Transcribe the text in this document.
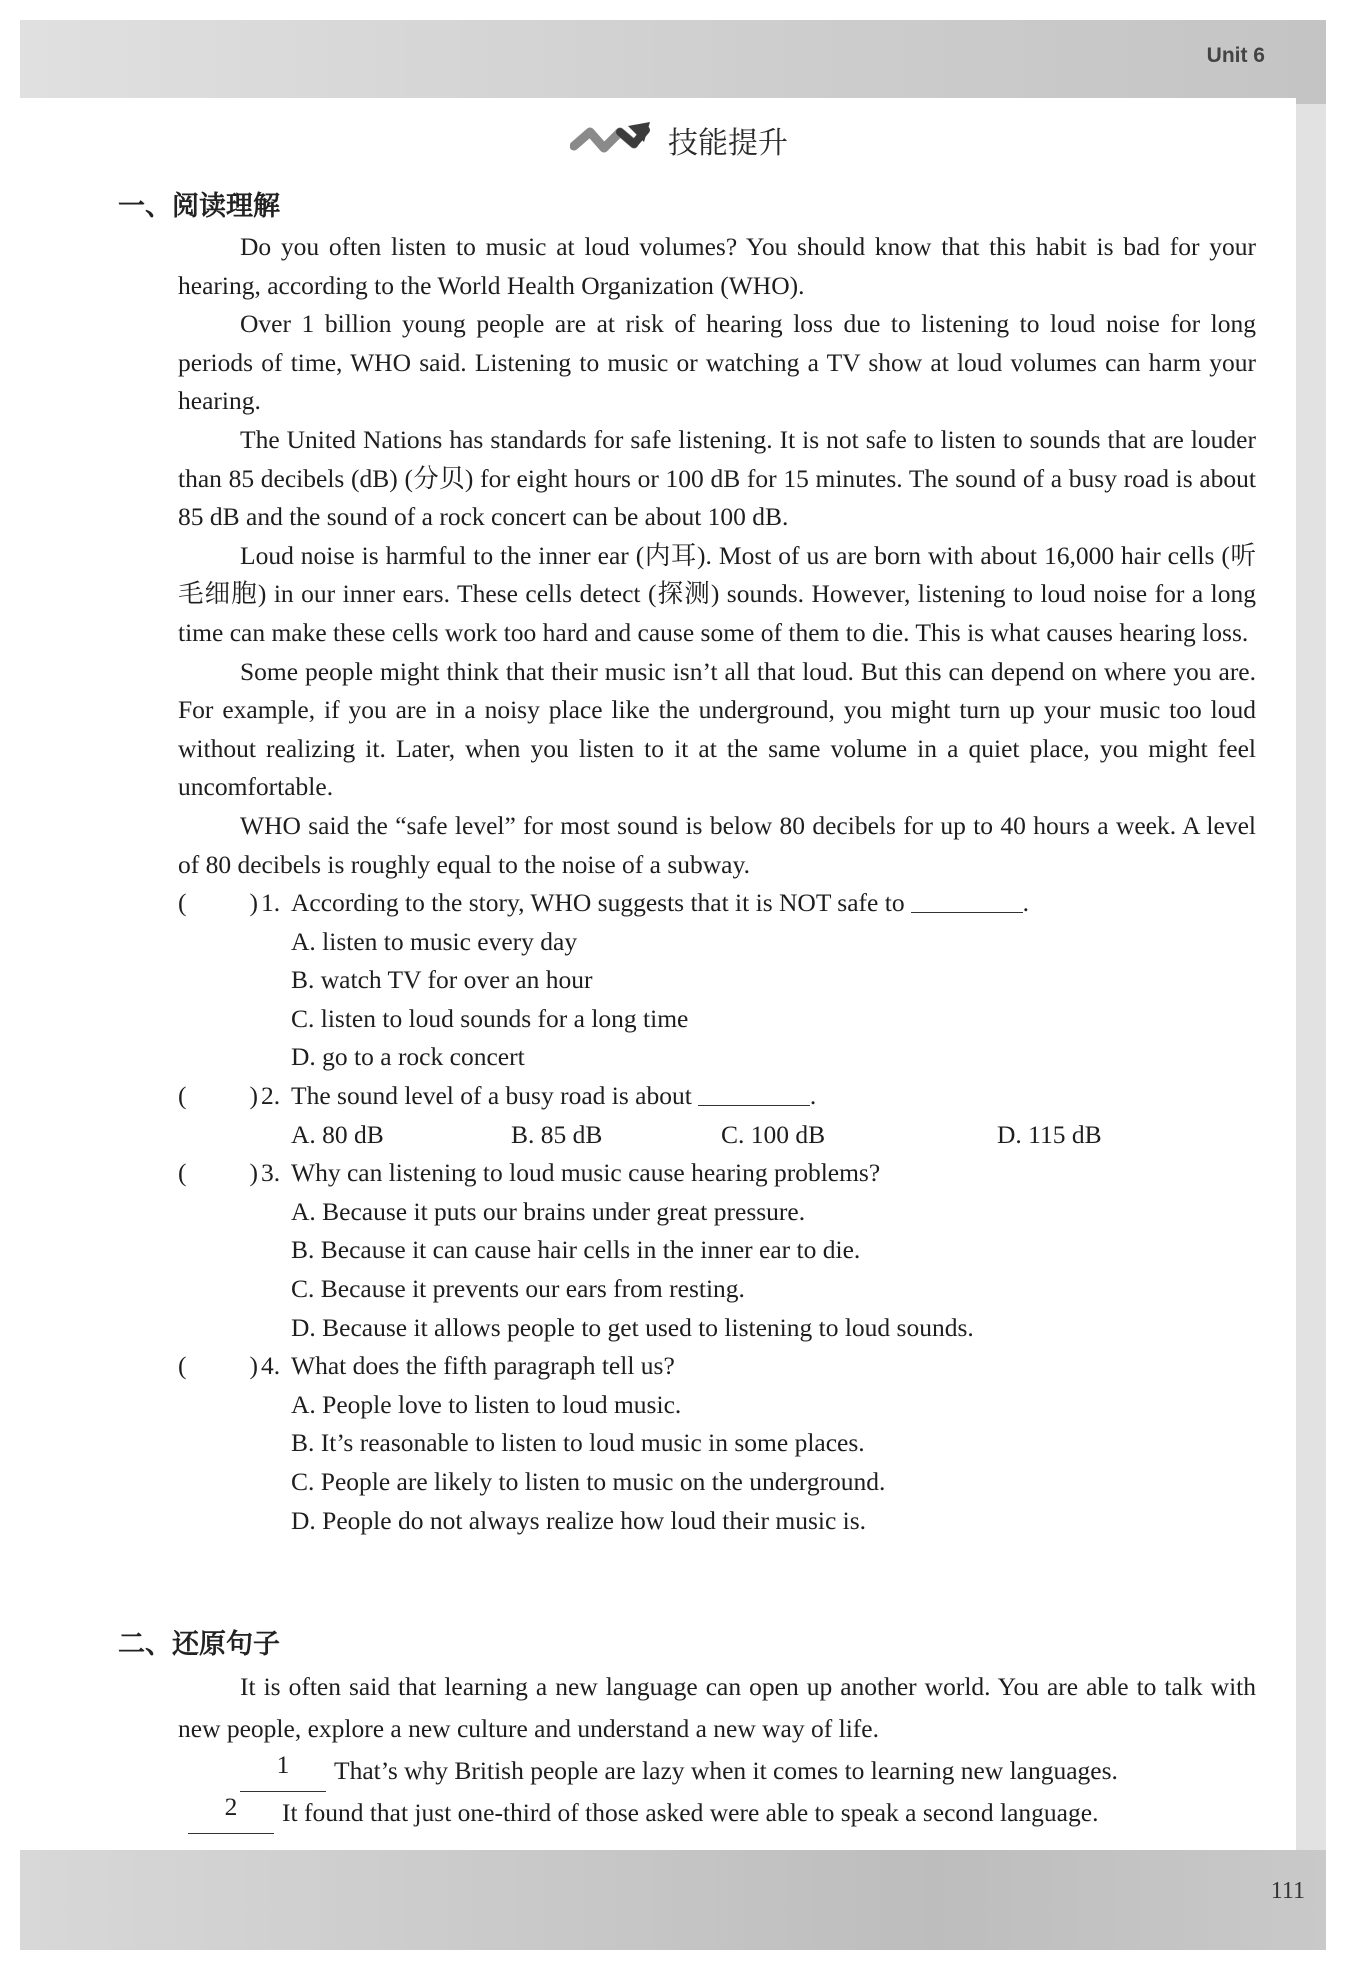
Unit 6
111
技能提升
一、阅读理解

Do you often listen to music at loud volumes? You should know that this habit is bad for your hearing, according to the World Health Organization (WHO).

Over 1 billion young people are at risk of hearing loss due to listening to loud noise for long periods of time, WHO said. Listening to music or watching a TV show at loud volumes can harm your hearing.

The United Nations has standards for safe listening. It is not safe to listen to sounds that are louder than 85 decibels (dB) (分贝) for eight hours or 100 dB for 15 minutes. The sound of a busy road is about 85 dB and the sound of a rock concert can be about 100 dB.

Loud noise is harmful to the inner ear (内耳). Most of us are born with about 16,000 hair cells (听毛细胞) in our inner ears. These cells detect (探测) sounds. However, listening to loud noise for a long time can make these cells work too hard and cause some of them to die. This is what causes hearing loss.

Some people might think that their music isn’t all that loud. But this can depend on where you are. For example, if you are in a noisy place like the underground, you might turn up your music too loud without realizing it. Later, when you listen to it at the same volume in a quiet place, you might feel uncomfortable.

WHO said the “safe level” for most sound is below 80 decibels for up to 40 hours a week. A level of 80 decibels is roughly equal to the noise of a subway.

( ) 1. According to the story, WHO suggests that it is NOT safe to	.
A. listen to music every day
B. watch TV for over an hour
C. listen to loud sounds for a long time
D. go to a rock concert
( ) 2. The sound level of a busy road is about	.
A. 80 dB	B. 85 dB	C. 100 dB	D. 115 dB
( ) 3. Why can listening to loud music cause hearing problems?
A. Because it puts our brains under great pressure.
B. Because it can cause hair cells in the inner ear to die.
C. Because it prevents our ears from resting.
D. Because it allows people to get used to listening to loud sounds.
( ) 4. What does the fifth paragraph tell us?
A. People love to listen to loud music.
B. It’s reasonable to listen to loud music in some places.
C. People are likely to listen to music on the underground.
D. People do not always realize how loud their music is.
二、还原句子

It is often said that learning a new language can open up another world. You are able to talk with new people, explore a new culture and understand a new way of life.

1	That’s why British people are lazy when it comes to learning new languages.
2	It found that just one-third of those asked were able to speak a second language.
